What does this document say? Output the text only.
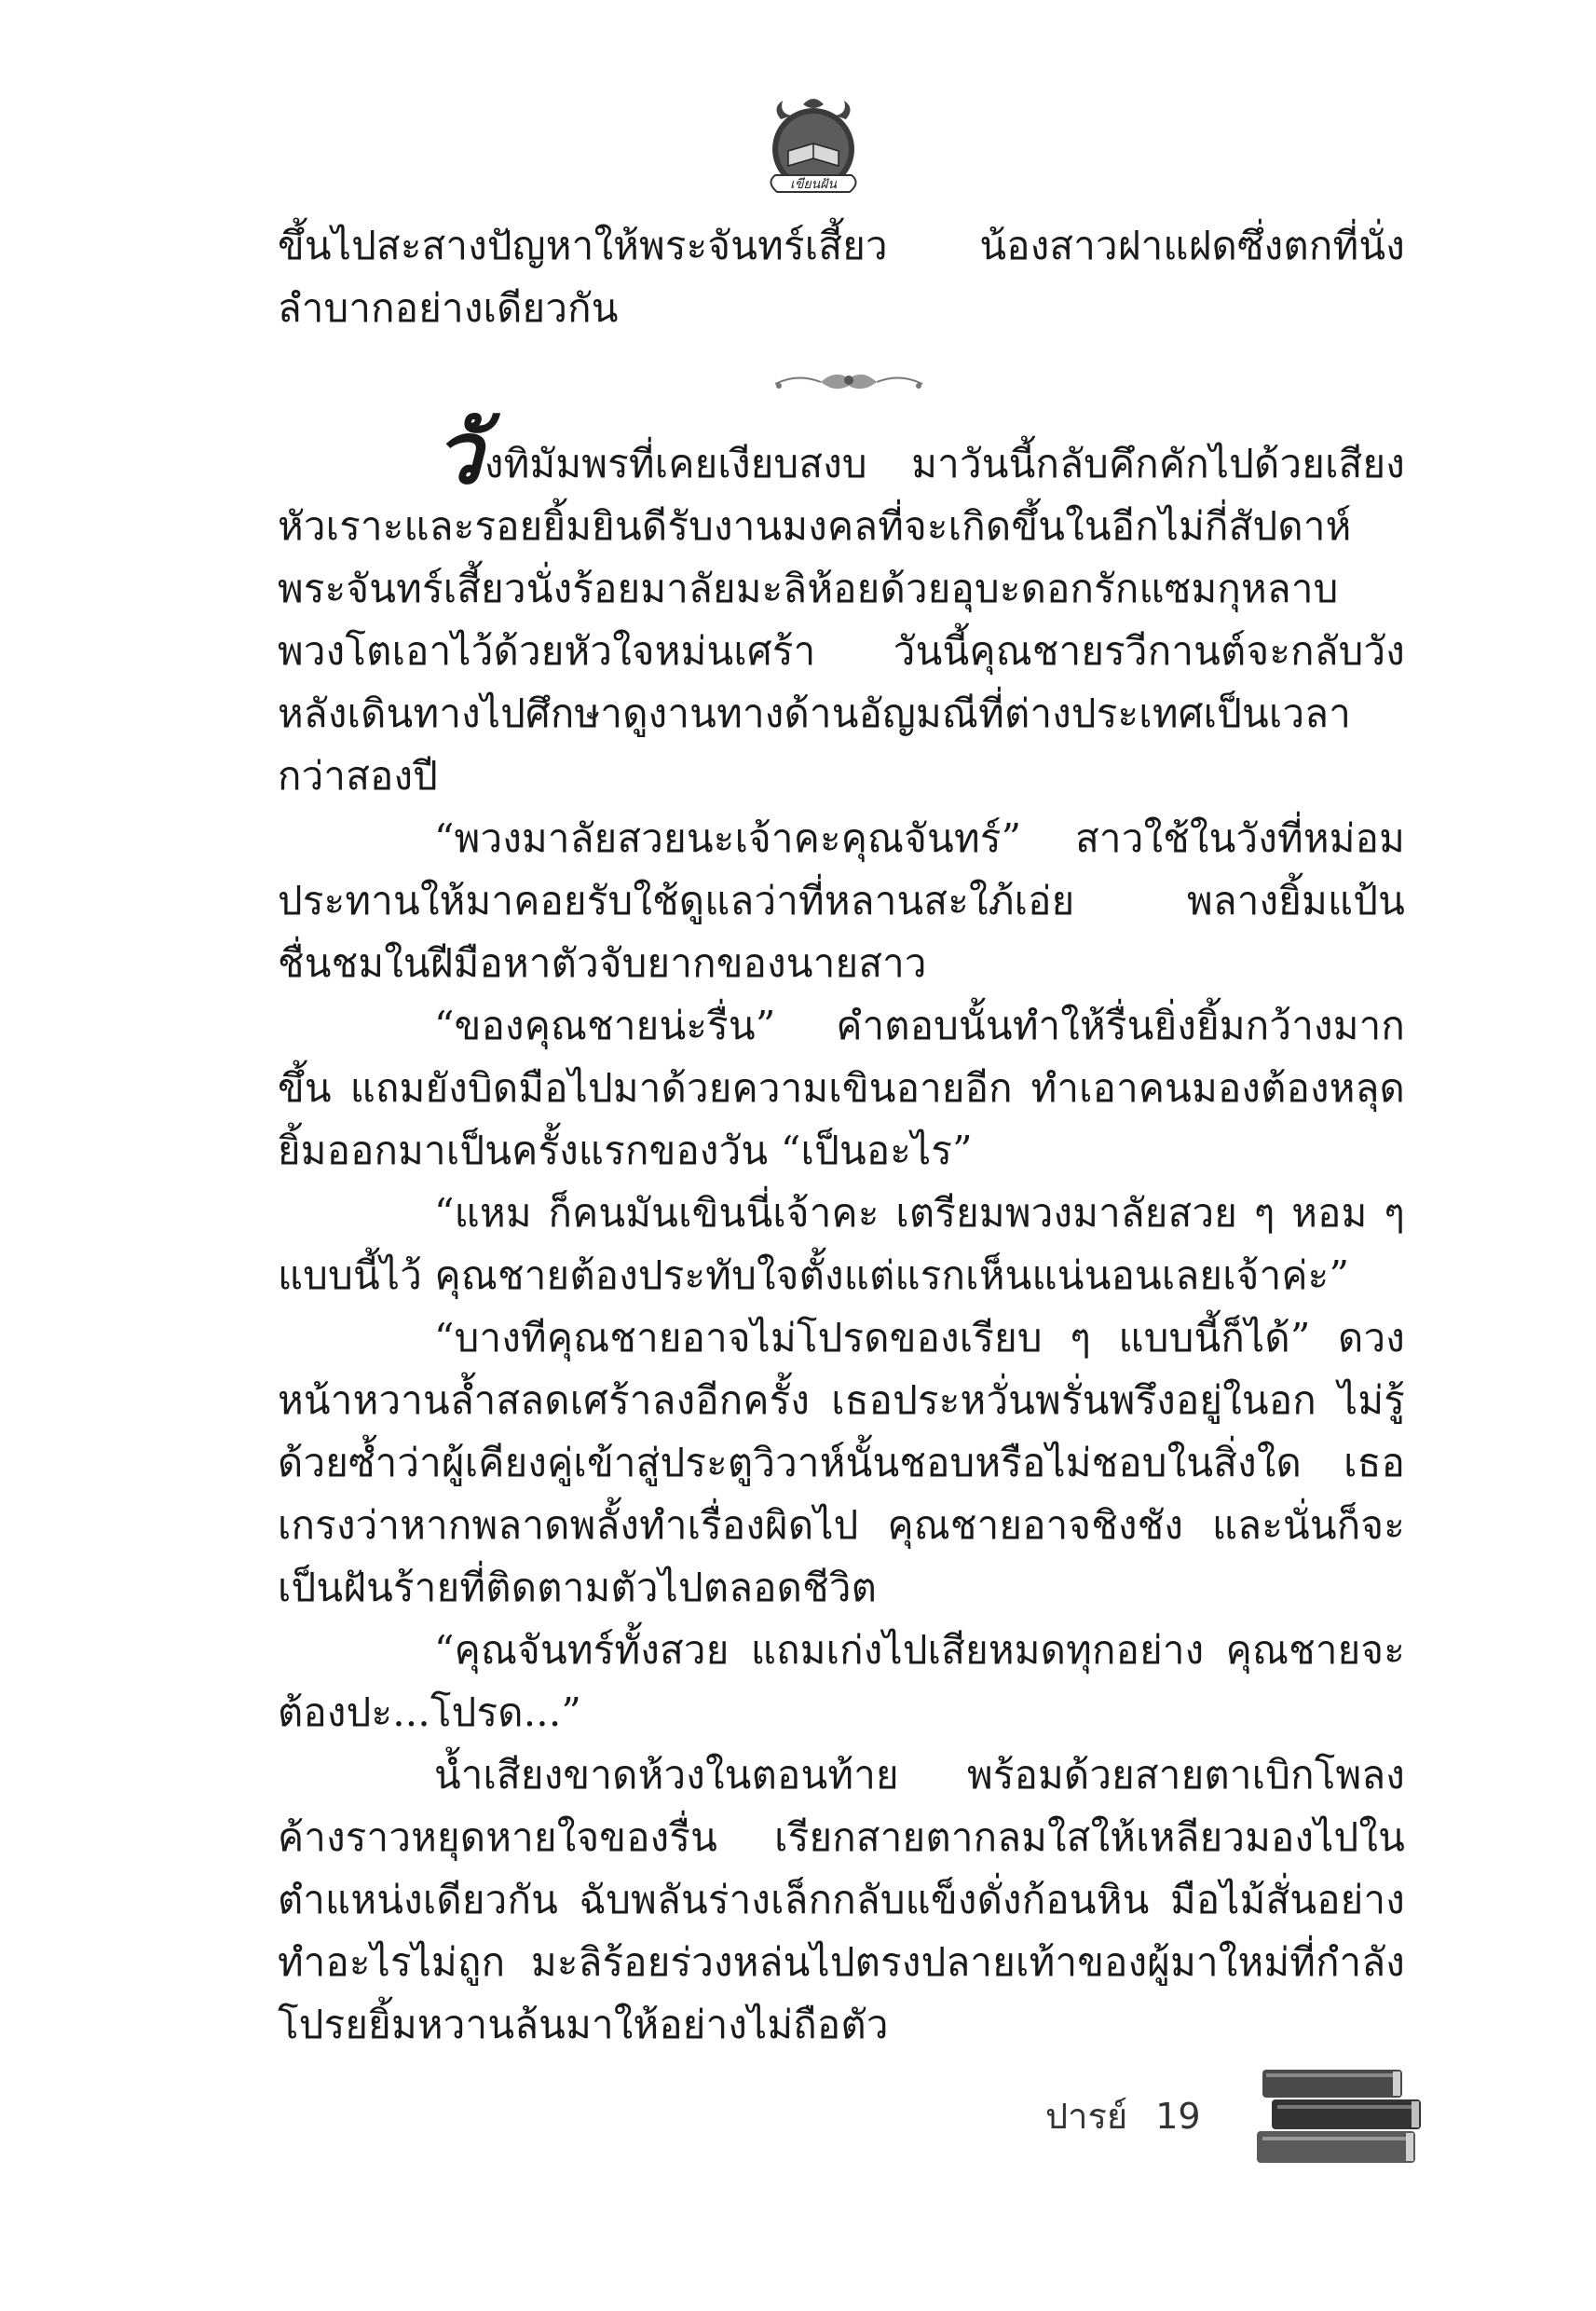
เขียนฝัน

ขึ้นไปสะสางปัญหาให้พระจันทร์เสี้ยว น้องสาวฝาแฝดซึ่งตกที่นั่งลำบากอย่างเดียวกัน

วังทิมัมพรที่เคยเงียบสงบ มาวันนี้กลับคึกคักไปด้วยเสียงหัวเราะและรอยยิ้มยินดีรับงานมงคลที่จะเกิดขึ้นในอีกไม่กี่สัปดาห์ พระจันทร์เสี้ยวนั่งร้อยมาลัยมะลิห้อยด้วยอุบะดอกรักแซมกุหลาบพวงโตเอาไว้ด้วยหัวใจหม่นเศร้า วันนี้คุณชายรวีกานต์จะกลับวัง หลังเดินทางไปศึกษาดูงานทางด้านอัญมณีที่ต่างประเทศเป็นเวลากว่าสองปี

“พวงมาลัยสวยนะเจ้าคะคุณจันทร์” สาวใช้ในวังที่หม่อมประทานให้มาคอยรับใช้ดูแลว่าที่หลานสะใภ้เอ่ย พลางยิ้มแป้นชื่นชมในฝีมือหาตัวจับยากของนายสาว

“ของคุณชายน่ะรื่น” คำตอบนั้นทำให้รื่นยิ่งยิ้มกว้างมากขึ้น แถมยังบิดมือไปมาด้วยความเขินอายอีก ทำเอาคนมองต้องหลุดยิ้มออกมาเป็นครั้งแรกของวัน “เป็นอะไร”

“แหม ก็คนมันเขินนี่เจ้าคะ เตรียมพวงมาลัยสวย ๆ หอม ๆ แบบนี้ไว้ คุณชายต้องประทับใจตั้งแต่แรกเห็นแน่นอนเลยเจ้าค่ะ”

“บางทีคุณชายอาจไม่โปรดของเรียบ ๆ แบบนี้ก็ได้” ดวงหน้าหวานล้ำสลดเศร้าลงอีกครั้ง เธอประหวั่นพรั่นพรึงอยู่ในอก ไม่รู้ด้วยซ้ำว่าผู้เคียงคู่เข้าสู่ประตูวิวาห์นั้นชอบหรือไม่ชอบในสิ่งใด เธอเกรงว่าหากพลาดพลั้งทำเรื่องผิดไป คุณชายอาจชิงชัง และนั่นก็จะเป็นฝันร้ายที่ติดตามตัวไปตลอดชีวิต

“คุณจันทร์ทั้งสวย แถมเก่งไปเสียหมดทุกอย่าง คุณชายจะต้องปะ...โปรด...”

น้ำเสียงขาดห้วงในตอนท้าย พร้อมด้วยสายตาเบิกโพลงค้างราวหยุดหายใจของรื่น เรียกสายตากลมใสให้เหลียวมองไปในตำแหน่งเดียวกัน ฉับพลันร่างเล็กกลับแข็งดั่งก้อนหิน มือไม้สั่นอย่างทำอะไรไม่ถูก มะลิร้อยร่วงหล่นไปตรงปลายเท้าของผู้มาใหม่ที่กำลังโปรยยิ้มหวานล้นมาให้อย่างไม่ถือตัว

ปารย์ 19
